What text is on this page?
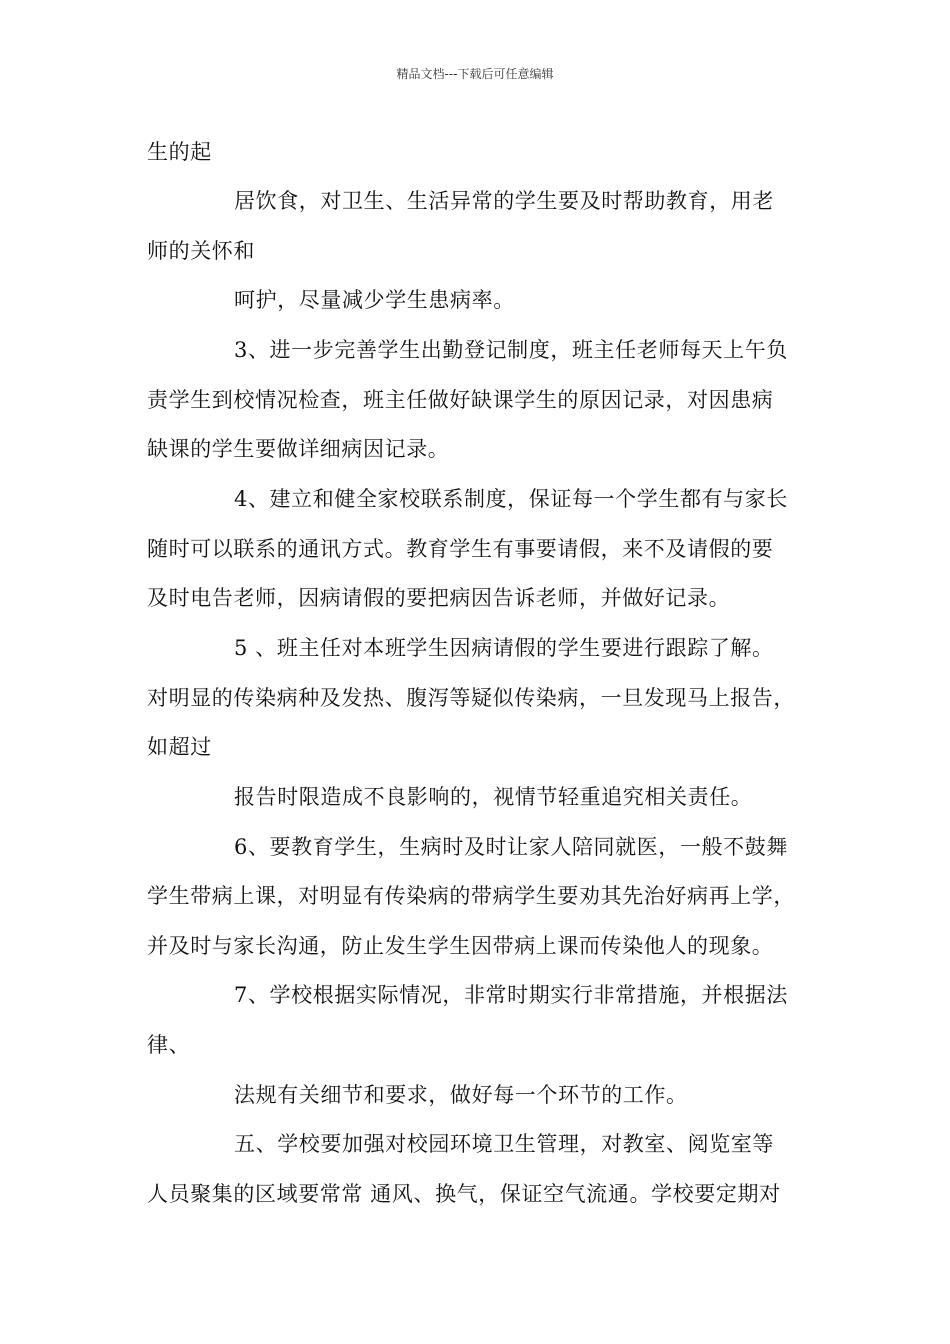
精品文档---下载后可任意编辑
生的起
居饮食，对卫生、生活异常的学生要及时帮助教育，用老
师的关怀和
呵护，尽量减少学生患病率。
3、进一步完善学生出勤登记制度，班主任老师每天上午负
责学生到校情况检查，班主任做好缺课学生的原因记录，对因患病
缺课的学生要做详细病因记录。
4、建立和健全家校联系制度，保证每一个学生都有与家长
随时可以联系的通讯方式。教育学生有事要请假，来不及请假的要
及时电告老师，因病请假的要把病因告诉老师，并做好记录。
5 、班主任对本班学生因病请假的学生要进行跟踪了解。
对明显的传染病种及发热、腹泻等疑似传染病，一旦发现马上报告，
如超过
报告时限造成不良影响的，视情节轻重追究相关责任。
6、要教育学生，生病时及时让家人陪同就医，一般不鼓舞
学生带病上课，对明显有传染病的带病学生要劝其先治好病再上学，
并及时与家长沟通，防止发生学生因带病上课而传染他人的现象。
7、学校根据实际情况，非常时期实行非常措施，并根据法
律、
法规有关细节和要求，做好每一个环节的工作。
五、学校要加强对校园环境卫生管理，对教室、阅览室等
人员聚集的区域要常常 通风、换气，保证空气流通。学校要定期对
